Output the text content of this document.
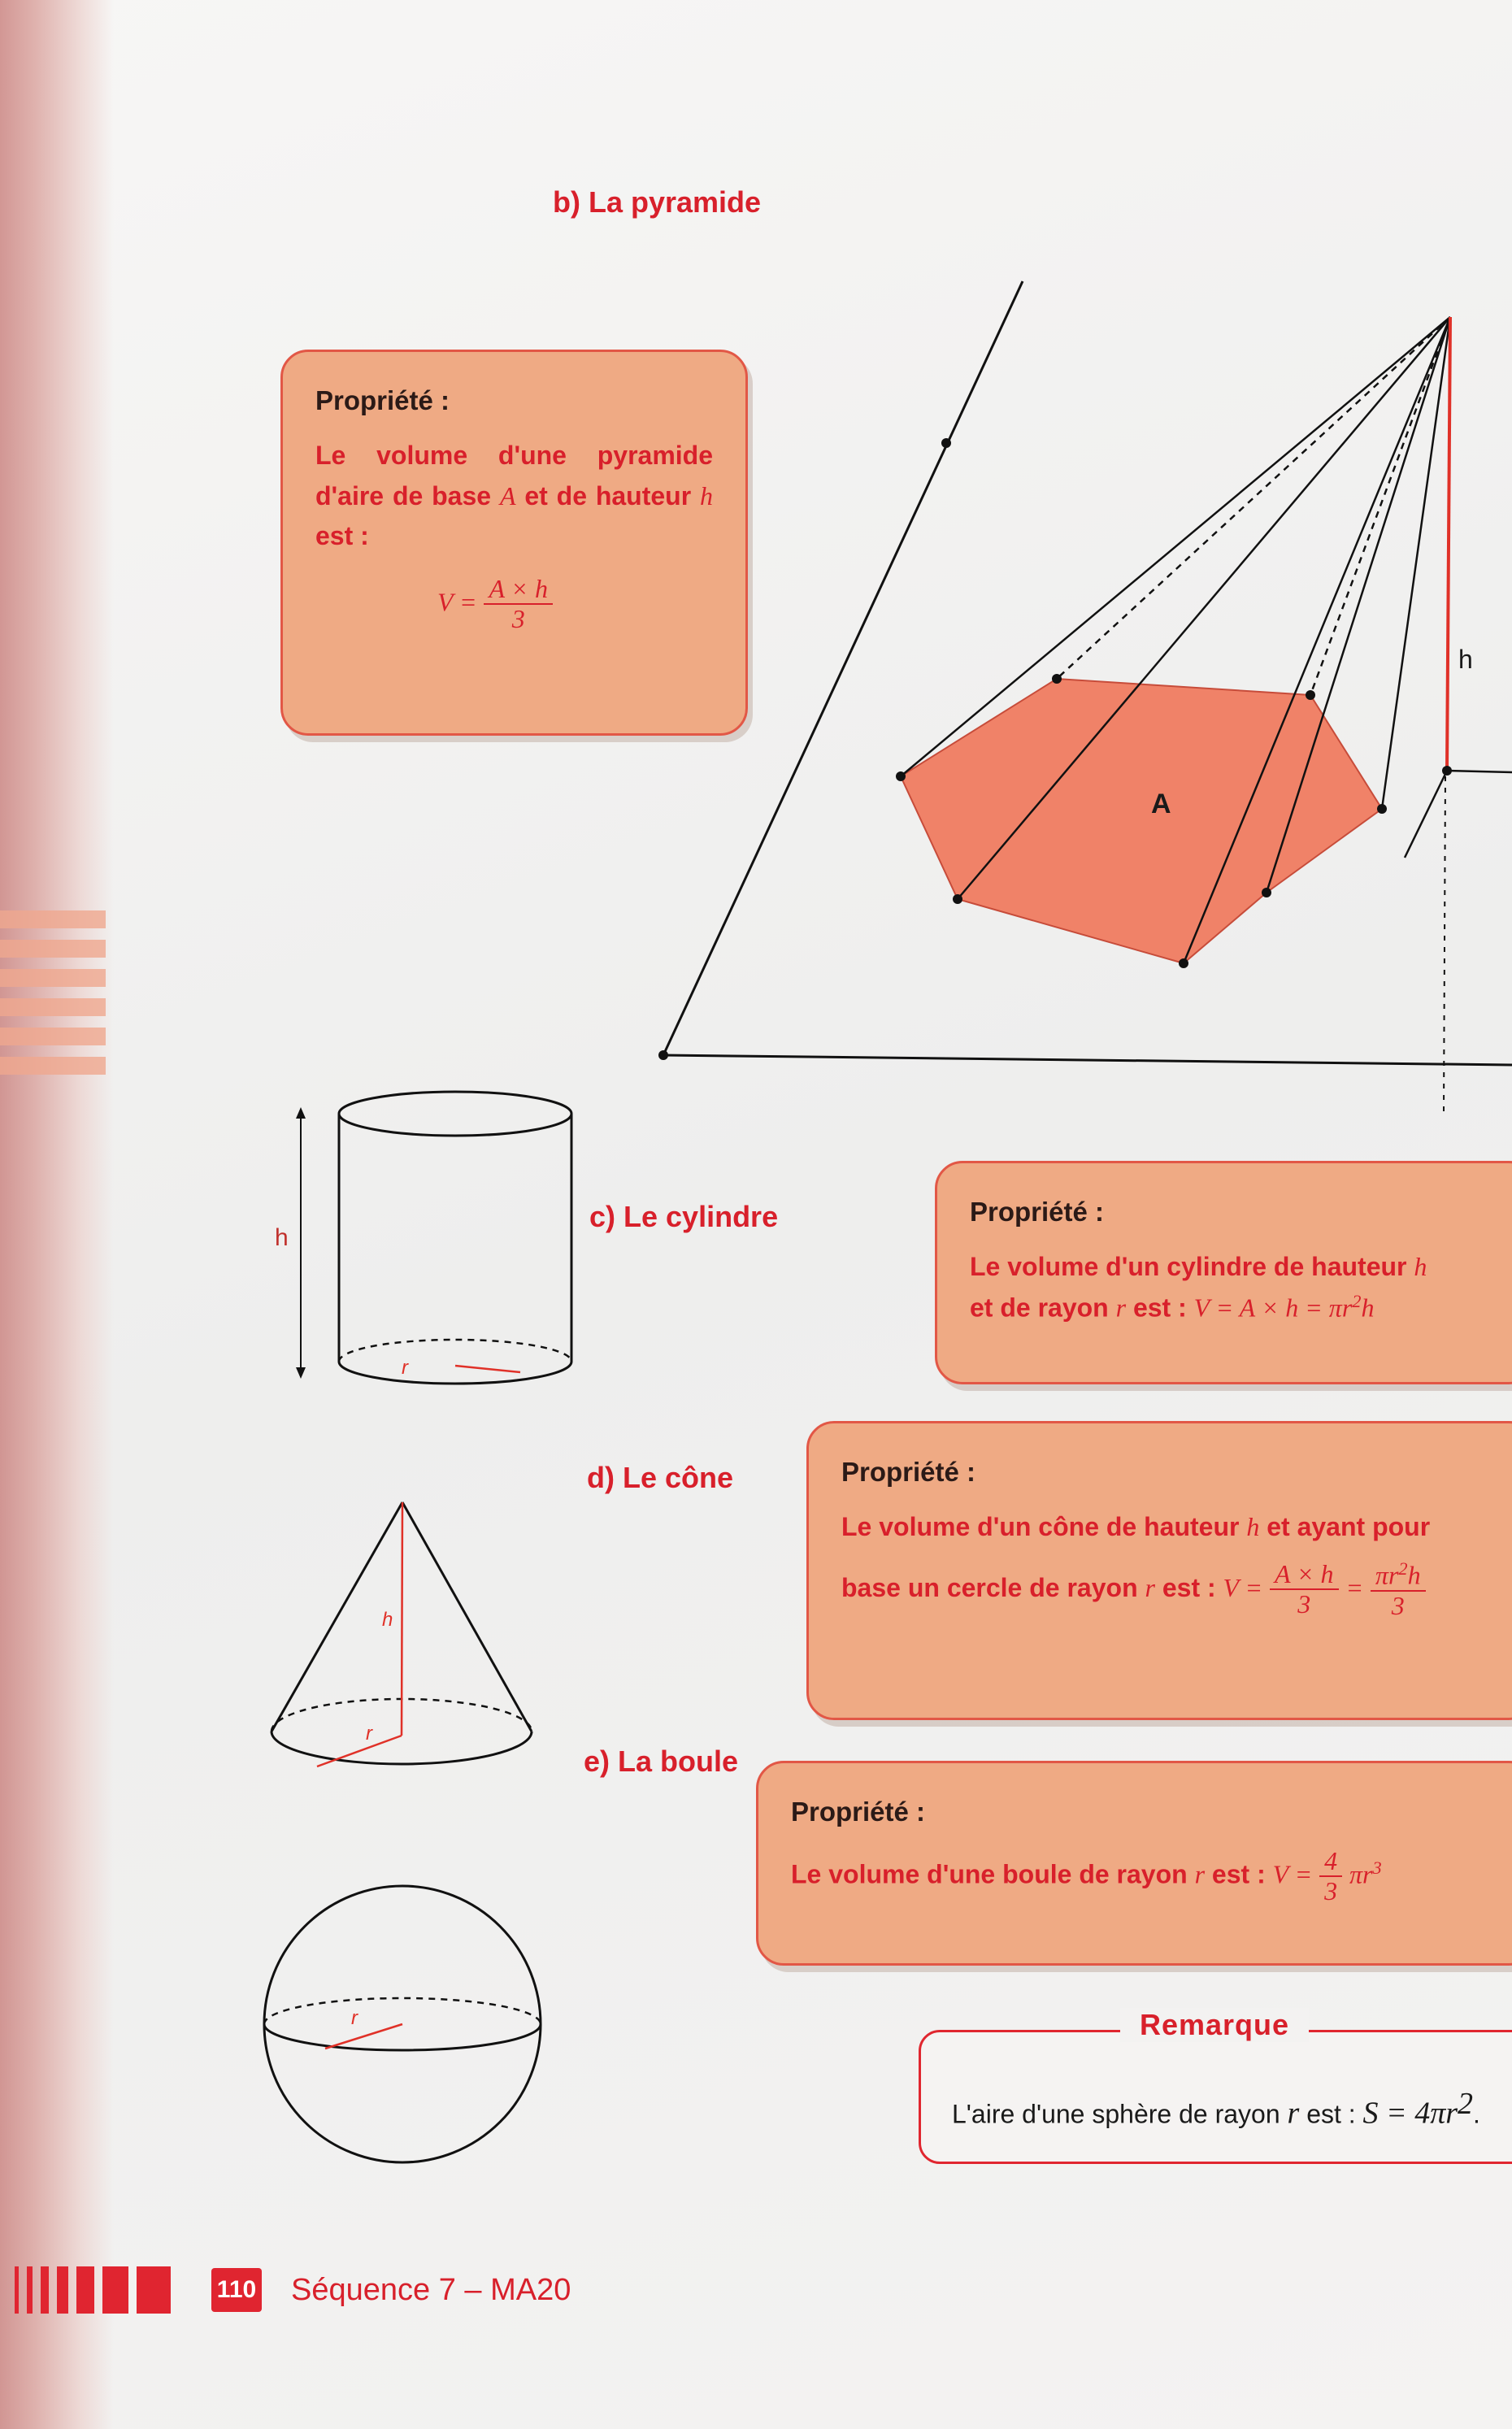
b) La pyramide
c) Le cylindre
d) Le cône
e) La boule
Propriété :
Le volume d'une pyramide d'aire de base A et de hauteur h est :
$V = \frac{A \times h}{3}$
Propriété :
Le volume d'un cylindre de hauteur h
et de rayon r est : $V = A \times h = \pi r^2h$
Propriété :
Le volume d'un cône de hauteur h et ayant pour
base un cercle de rayon r est : $V = \frac{A \times h}{3} = \frac{\pi r^2h}{3}$
Propriété :
Le volume d'une boule de rayon r est : $V = \frac{4}{3} \pi r^3$
Remarque
L'aire d'une sphère de rayon r est : $S = 4\pi r^2$.
A
h
r
h
h
r
r
110 Séquence 7 – MA20
